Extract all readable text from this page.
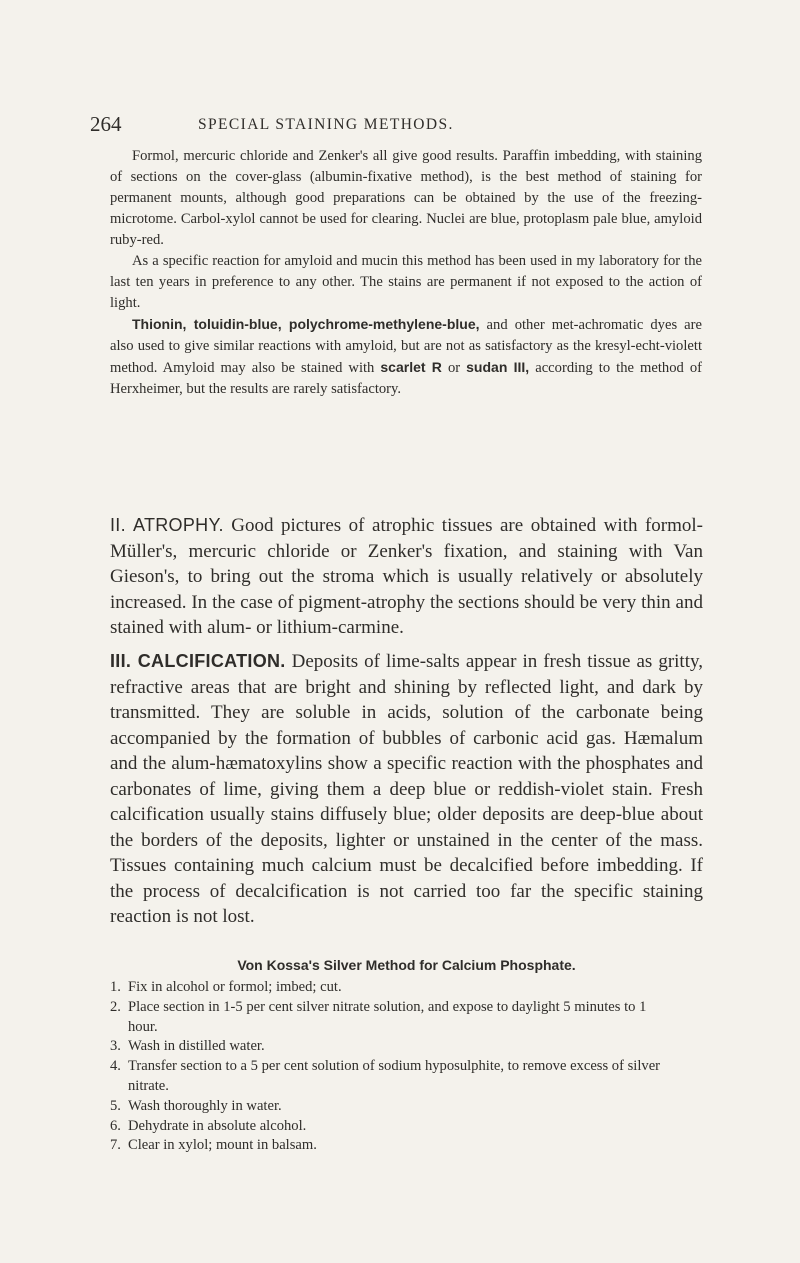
264	SPECIAL STAINING METHODS.

Formol, mercuric chloride and Zenker's all give good results. Paraffin imbedding, with staining of sections on the cover-glass (albumin-fixative method), is the best method of staining for permanent mounts, although good preparations can be obtained by the use of the freezing-microtome. Carbol-xylol cannot be used for clearing. Nuclei are blue, protoplasm pale blue, amyloid ruby-red.

As a specific reaction for amyloid and mucin this method has been used in my laboratory for the last ten years in preference to any other. The stains are permanent if not exposed to the action of light.

Thionin, toluidin-blue, polychrome-methylene-blue, and other met-achromatic dyes are also used to give similar reactions with amyloid, but are not as satisfactory as the kresyl-echt-violett method. Amyloid may also be stained with scarlet R or sudan III, according to the method of Herxheimer, but the results are rarely satisfactory.

II. ATROPHY. Good pictures of atrophic tissues are obtained with formol-Müller's, mercuric chloride or Zenker's fixation, and staining with Van Gieson's, to bring out the stroma which is usually relatively or absolutely increased. In the case of pigment-atrophy the sections should be very thin and stained with alum- or lithium-carmine.

III. CALCIFICATION. Deposits of lime-salts appear in fresh tissue as gritty, refractive areas that are bright and shining by reflected light, and dark by transmitted. They are soluble in acids, solution of the carbonate being accompanied by the formation of bubbles of carbonic acid gas. Hæmalum and the alum-hæmatoxylins show a specific reaction with the phosphates and carbonates of lime, giving them a deep blue or reddish-violet stain. Fresh calcification usually stains diffusely blue; older deposits are deep-blue about the borders of the deposits, lighter or unstained in the center of the mass. Tissues containing much calcium must be decalcified before imbedding. If the process of decalcification is not carried too far the specific staining reaction is not lost.

Von Kossa's Silver Method for Calcium Phosphate.
1. Fix in alcohol or formol; imbed; cut.
2. Place section in 1-5 per cent silver nitrate solution, and expose to daylight 5 minutes to 1 hour.
3. Wash in distilled water.
4. Transfer section to a 5 per cent solution of sodium hyposulphite, to remove excess of silver nitrate.
5. Wash thoroughly in water.
6. Dehydrate in absolute alcohol.
7. Clear in xylol; mount in balsam.
